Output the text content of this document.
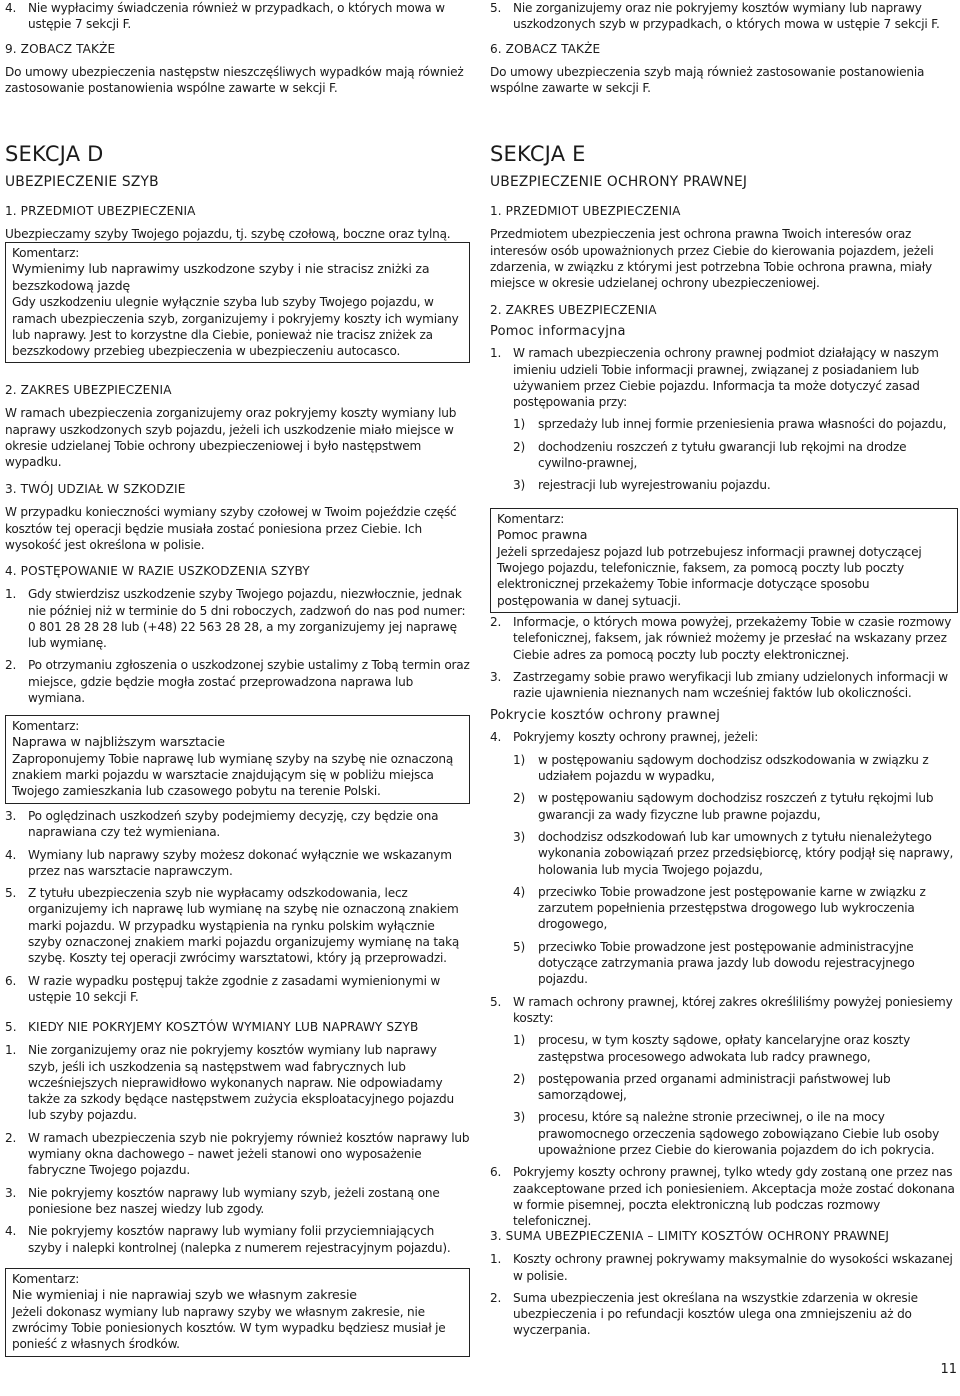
4. Nie wypłacimy świadczenia również w przypadkach, o których mowa w ustępie 7 sekcji F.

9. ZOBACZ TAKŻE

Do umowy ubezpieczenia następstw nieszczęśliwych wypadków mają również zastosowanie postanowienia wspólne zawarte w sekcji F.

SEKCJA D

UBEZPIECZENIE SZYB

1. PRZEDMIOT UBEZPIECZENIA

Ubezpieczamy szyby Twojego pojazdu, tj. szybę czołową, boczne oraz tylną.

Komentarz:

Wymienimy lub naprawimy uszkodzone szyby i nie stracisz zniżki za bezszkodową jazdę

Gdy uszkodzeniu ulegnie wyłącznie szyba lub szyby Twojego pojazdu, w ramach ubezpieczenia szyb, zorganizujemy i pokryjemy koszty ich wymiany lub naprawy. Jest to korzystne dla Ciebie, ponieważ nie tracisz zniżek za bezszkodowy przebieg ubezpieczenia w ubezpieczeniu autocasco.

2. ZAKRES UBEZPIECZENIA

W ramach ubezpieczenia zorganizujemy oraz pokryjemy koszty wymiany lub naprawy uszkodzonych szyb pojazdu, jeżeli ich uszkodzenie miało miejsce w okresie udzielanej Tobie ochrony ubezpieczeniowej i było następstwem wypadku.

3. TWÓJ UDZIAŁ W SZKODZIE

W przypadku konieczności wymiany szyby czołowej w Twoim pojeździe część kosztów tej operacji będzie musiała zostać poniesiona przez Ciebie. Ich wysokość jest określona w polisie.

4. POSTĘPOWANIE W RAZIE USZKODZENIA SZYBY

1. Gdy stwierdzisz uszkodzenie szyby Twojego pojazdu, niezwłocznie, jednak nie później niż w terminie do 5 dni roboczych, zadzwoń do nas pod numer: 0 801 28 28 28 lub (+48) 22 563 28 28, a my zorganizujemy jej naprawę lub wymianę.

2. Po otrzymaniu zgłoszenia o uszkodzonej szybie ustalimy z Tobą termin oraz miejsce, gdzie będzie mogła zostać przeprowadzona naprawa lub wymiana.

Komentarz:

Naprawa w najbliższym warsztacie

Zaproponujemy Tobie naprawę lub wymianę szyby na szybę nie oznaczoną znakiem marki pojazdu w warsztacie znajdującym się w pobliżu miejsca Twojego zamieszkania lub czasowego pobytu na terenie Polski.

3. Po oględzinach uszkodzeń szyby podejmiemy decyzję, czy będzie ona naprawiana czy też wymieniana.

4. Wymiany lub naprawy szyby możesz dokonać wyłącznie we wskazanym przez nas warsztacie naprawczym.

5. Z tytułu ubezpieczenia szyb nie wypłacamy odszkodowania, lecz organizujemy ich naprawę lub wymianę na szybę nie oznaczoną znakiem marki pojazdu. W przypadku wystąpienia na rynku polskim wyłącznie szyby oznaczonej znakiem marki pojazdu organizujemy wymianę na taką szybę. Koszty tej operacji zwrócimy warsztatowi, który ją przeprowadzi.

6. W razie wypadku postępuj także zgodnie z zasadami wymienionymi w ustępie 10 sekcji F.

5. KIEDY NIE POKRYJEMY KOSZTÓW WYMIANY LUB NAPRAWY SZYB

1. Nie zorganizujemy oraz nie pokryjemy kosztów wymiany lub naprawy szyb, jeśli ich uszkodzenia są następstwem wad fabrycznych lub wcześniejszych nieprawidłowo wykonanych napraw. Nie odpowiadamy także za szkody będące następstwem zużycia eksploatacyjnego pojazdu lub szyby pojazdu.

2. W ramach ubezpieczenia szyb nie pokryjemy również kosztów naprawy lub wymiany okna dachowego – nawet jeżeli stanowi ono wyposażenie fabryczne Twojego pojazdu.

3. Nie pokryjemy kosztów naprawy lub wymiany szyb, jeżeli zostaną one poniesione bez naszej wiedzy lub zgody.

4. Nie pokryjemy kosztów naprawy lub wymiany folii przyciemniających szyby i nalepki kontrolnej (nalepka z numerem rejestracyjnym pojazdu).

Komentarz:

Nie wymieniaj i nie naprawiaj szyb we własnym zakresie

Jeżeli dokonasz wymiany lub naprawy szyby we własnym zakresie, nie zwrócimy Tobie poniesionych kosztów. W tym wypadku będziesz musiał je ponieść z własnych środków.

5. Nie zorganizujemy oraz nie pokryjemy kosztów wymiany lub naprawy uszkodzonych szyb w przypadkach, o których mowa w ustępie 7 sekcji F.

6. ZOBACZ TAKŻE

Do umowy ubezpieczenia szyb mają również zastosowanie postanowienia wspólne zawarte w sekcji F.

SEKCJA E

UBEZPIECZENIE OCHRONY PRAWNEJ

1. PRZEDMIOT UBEZPIECZENIA

Przedmiotem ubezpieczenia jest ochrona prawna Twoich interesów oraz interesów osób upoważnionych przez Ciebie do kierowania pojazdem, jeżeli zdarzenia, w związku z którymi jest potrzebna Tobie ochrona prawna, miały miejsce w okresie udzielanej ochrony ubezpieczeniowej.

2. ZAKRES UBEZPIECZENIA

Pomoc informacyjna

1. W ramach ubezpieczenia ochrony prawnej podmiot działający w naszym imieniu udzieli Tobie informacji prawnej, związanej z posiadaniem lub używaniem przez Ciebie pojazdu. Informacja ta może dotyczyć zasad postępowania przy:

1) sprzedaży lub innej formie przeniesienia prawa własności do pojazdu,

2) dochodzeniu roszczeń z tytułu gwarancji lub rękojmi na drodze cywilno-prawnej,

3) rejestracji lub wyrejestrowaniu pojazdu.

Komentarz:

Pomoc prawna

Jeżeli sprzedajesz pojazd lub potrzebujesz informacji prawnej dotyczącej Twojego pojazdu, telefonicznie, faksem, za pomocą poczty lub poczty elektronicznej przekażemy Tobie informacje dotyczące sposobu postępowania w danej sytuacji.

2. Informacje, o których mowa powyżej, przekażemy Tobie w czasie rozmowy telefonicznej, faksem, jak również możemy je przesłać na wskazany przez Ciebie adres za pomocą poczty lub poczty elektronicznej.

3. Zastrzegamy sobie prawo weryfikacji lub zmiany udzielonych informacji w razie ujawnienia nieznanych nam wcześniej faktów lub okoliczności.

Pokrycie kosztów ochrony prawnej

4. Pokryjemy koszty ochrony prawnej, jeżeli:

1) w postępowaniu sądowym dochodzisz odszkodowania w związku z udziałem pojazdu w wypadku,

2) w postępowaniu sądowym dochodzisz roszczeń z tytułu rękojmi lub gwarancji za wady fizyczne lub prawne pojazdu,

3) dochodzisz odszkodowań lub kar umownych z tytułu nienależytego wykonania zobowiązań przez przedsiębiorcę, który podjął się naprawy, holowania lub mycia Twojego pojazdu,

4) przeciwko Tobie prowadzone jest postępowanie karne w związku z zarzutem popełnienia przestępstwa drogowego lub wykroczenia drogowego,

5) przeciwko Tobie prowadzone jest postępowanie administracyjne dotyczące zatrzymania prawa jazdy lub dowodu rejestracyjnego pojazdu.

5. W ramach ochrony prawnej, której zakres określiliśmy powyżej poniesiemy koszty:

1) procesu, w tym koszty sądowe, opłaty kancelaryjne oraz koszty zastępstwa procesowego adwokata lub radcy prawnego,

2) postępowania przed organami administracji państwowej lub samorządowej,

3) procesu, które są należne stronie przeciwnej, o ile na mocy prawomocnego orzeczenia sądowego zobowiązano Ciebie lub osoby upoważnione przez Ciebie do kierowania pojazdem do ich pokrycia.

6. Pokryjemy koszty ochrony prawnej, tylko wtedy gdy zostaną one przez nas zaakceptowane przed ich poniesieniem. Akceptacja może zostać dokonana w formie pisemnej, poczta elektroniczną lub podczas rozmowy telefonicznej.

3. SUMA UBEZPIECZENIA – LIMITY KOSZTÓW OCHRONY PRAWNEJ

1. Koszty ochrony prawnej pokrywamy maksymalnie do wysokości wskazanej w polisie.

2. Suma ubezpieczenia jest określana na wszystkie zdarzenia w okresie ubezpieczenia i po refundacji kosztów ulega ona zmniejszeniu aż do wyczerpania.

11
